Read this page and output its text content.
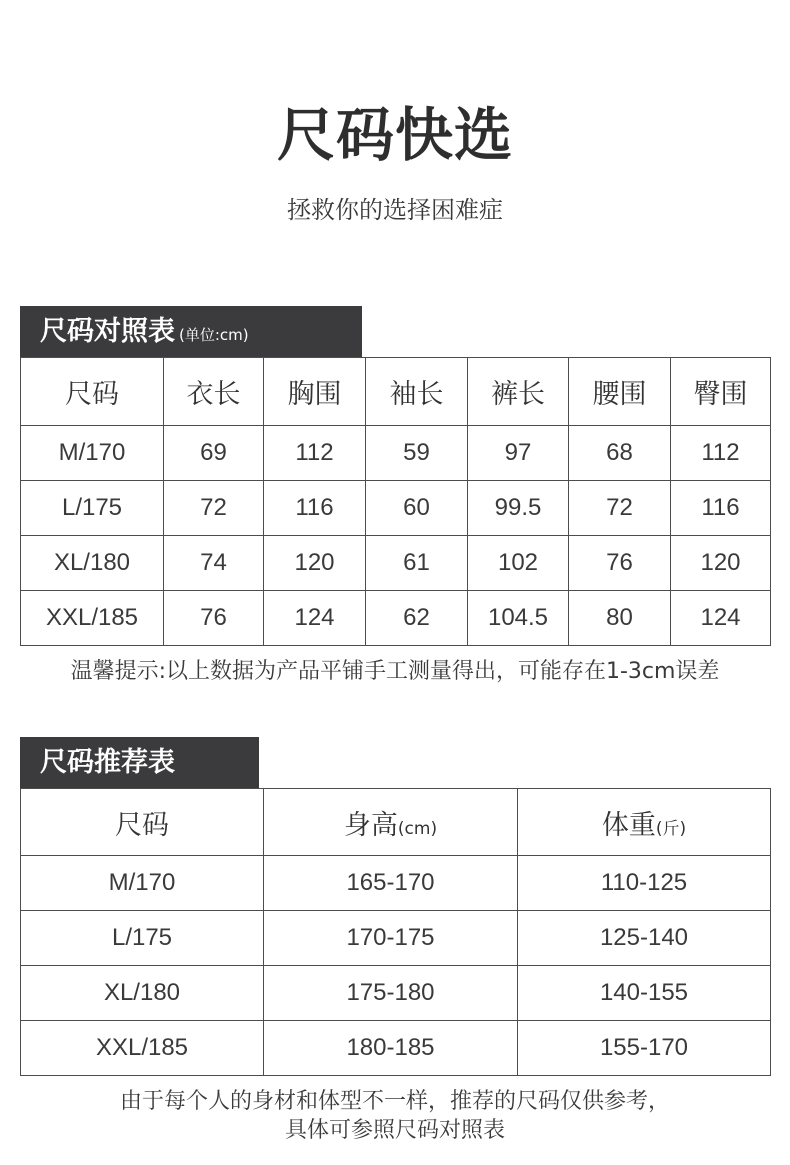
尺码快选
拯救你的选择困难症
尺码对照表 (单位:cm)
尺码	衣长	胸围	袖长	裤长	腰围	臀围
M/170	69	112	59	97	68	112
L/175	72	116	60	99.5	72	116
XL/180	74	120	61	102	76	120
XXL/185	76	124	62	104.5	80	124
温馨提示:以上数据为产品平铺手工测量得出，可能存在1-3cm误差
尺码推荐表
尺码	身高(cm)	体重(斤)
M/170	165-170	110-125
L/175	170-175	125-140
XL/180	175-180	140-155
XXL/185	180-185	155-170
由于每个人的身材和体型不一样，推荐的尺码仅供参考，
具体可参照尺码对照表
